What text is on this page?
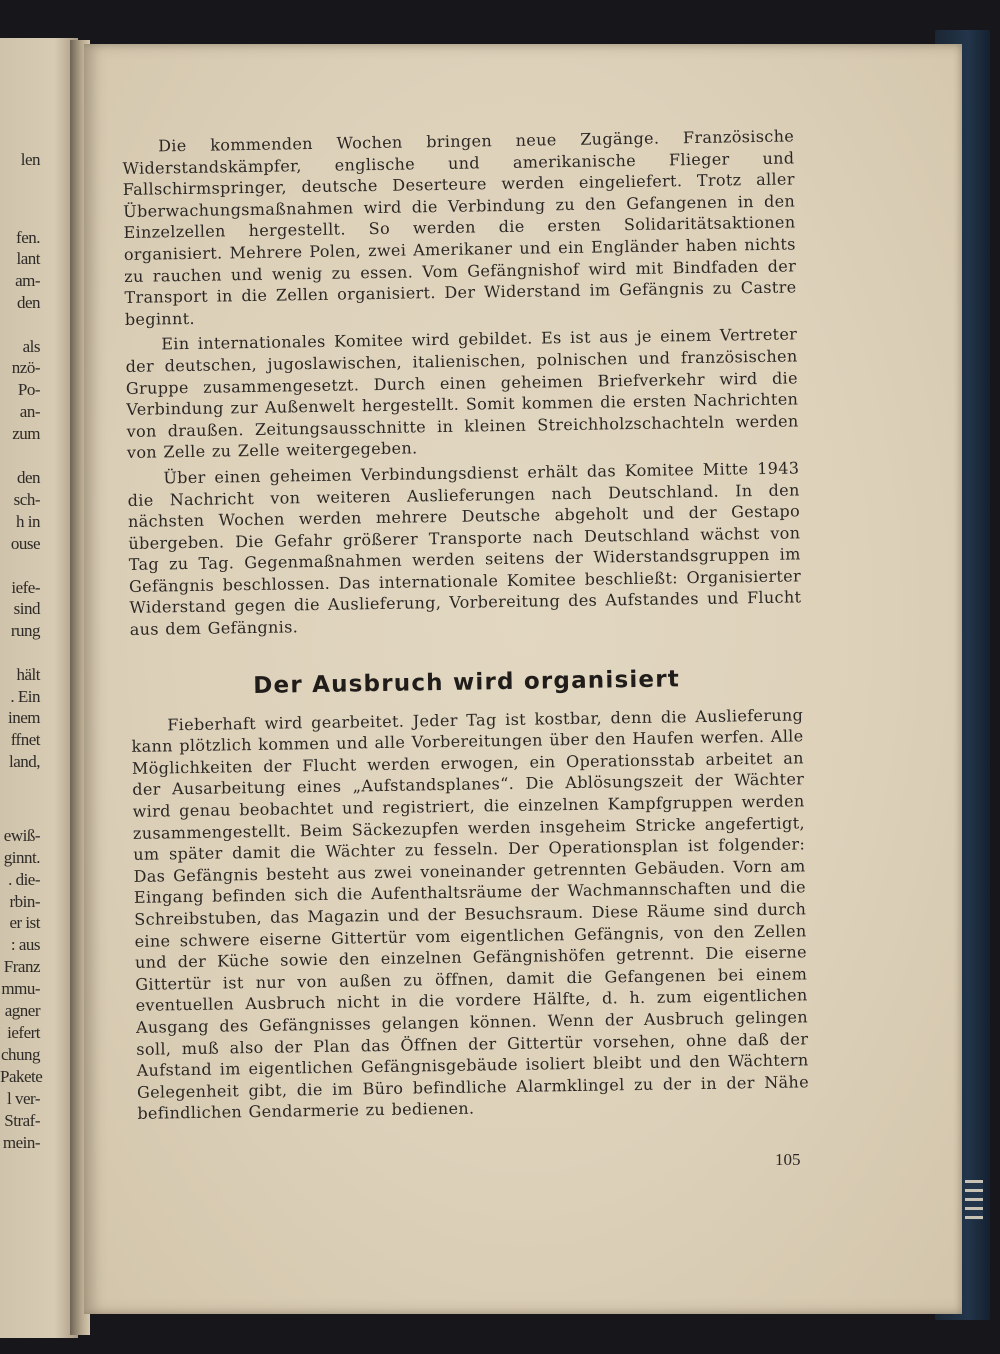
len
fen.
lant
am-
den
als
nzö-
Po-
an-
zum
den
sch-
h in
ouse
iefe-
sind
rung
hält
. Ein
inem
ffnet
land,
ewiß-
ginnt.
. die-
rbin-
er ist
: aus
Franz
mmu-
agner
iefert
chung
Pakete
l ver-
Straf-
mein-

Die kommenden Wochen bringen neue Zugänge. Französische Widerstandskämpfer, englische und amerikanische Flieger und Fallschirmspringer, deutsche Deserteure werden eingeliefert. Trotz aller Überwachungsmaßnahmen wird die Verbindung zu den Gefangenen in den Einzelzellen hergestellt. So werden die ersten Solidaritätsaktionen organisiert. Mehrere Polen, zwei Amerikaner und ein Engländer haben nichts zu rauchen und wenig zu essen. Vom Gefängnishof wird mit Bindfaden der Transport in die Zellen organisiert. Der Widerstand im Gefängnis zu Castre beginnt.

Ein internationales Komitee wird gebildet. Es ist aus je einem Vertreter der deutschen, jugoslawischen, italienischen, polnischen und französischen Gruppe zusammengesetzt. Durch einen geheimen Briefverkehr wird die Verbindung zur Außenwelt hergestellt. Somit kommen die ersten Nachrichten von draußen. Zeitungsausschnitte in kleinen Streichholzschachteln werden von Zelle zu Zelle weitergegeben.

Über einen geheimen Verbindungsdienst erhält das Komitee Mitte 1943 die Nachricht von weiteren Auslieferungen nach Deutschland. In den nächsten Wochen werden mehrere Deutsche abgeholt und der Gestapo übergeben. Die Gefahr größerer Transporte nach Deutschland wächst von Tag zu Tag. Gegenmaßnahmen werden seitens der Widerstandsgruppen im Gefängnis beschlossen. Das internationale Komitee beschließt: Organisierter Widerstand gegen die Auslieferung, Vorbereitung des Aufstandes und Flucht aus dem Gefängnis.

Der Ausbruch wird organisiert

Fieberhaft wird gearbeitet. Jeder Tag ist kostbar, denn die Auslieferung kann plötzlich kommen und alle Vorbereitungen über den Haufen werfen. Alle Möglichkeiten der Flucht werden erwogen, ein Operationsstab arbeitet an der Ausarbeitung eines „Aufstandsplanes“. Die Ablösungszeit der Wächter wird genau beobachtet und registriert, die einzelnen Kampfgruppen werden zusammengestellt. Beim Säckezupfen werden insgeheim Stricke angefertigt, um später damit die Wächter zu fesseln. Der Operationsplan ist folgender: Das Gefängnis besteht aus zwei voneinander getrennten Gebäuden. Vorn am Eingang befinden sich die Aufenthaltsräume der Wachmannschaften und die Schreibstuben, das Magazin und der Besuchsraum. Diese Räume sind durch eine schwere eiserne Gittertür vom eigentlichen Gefängnis, von den Zellen und der Küche sowie den einzelnen Gefängnishöfen getrennt. Die eiserne Gittertür ist nur von außen zu öffnen, damit die Gefangenen bei einem eventuellen Ausbruch nicht in die vordere Hälfte, d. h. zum eigentlichen Ausgang des Gefängnisses gelangen können. Wenn der Ausbruch gelingen soll, muß also der Plan das Öffnen der Gittertür vorsehen, ohne daß der Aufstand im eigentlichen Gefängnisgebäude isoliert bleibt und den Wächtern Gelegenheit gibt, die im Büro befindliche Alarmklingel zu der in der Nähe befindlichen Gendarmerie zu bedienen.

105
